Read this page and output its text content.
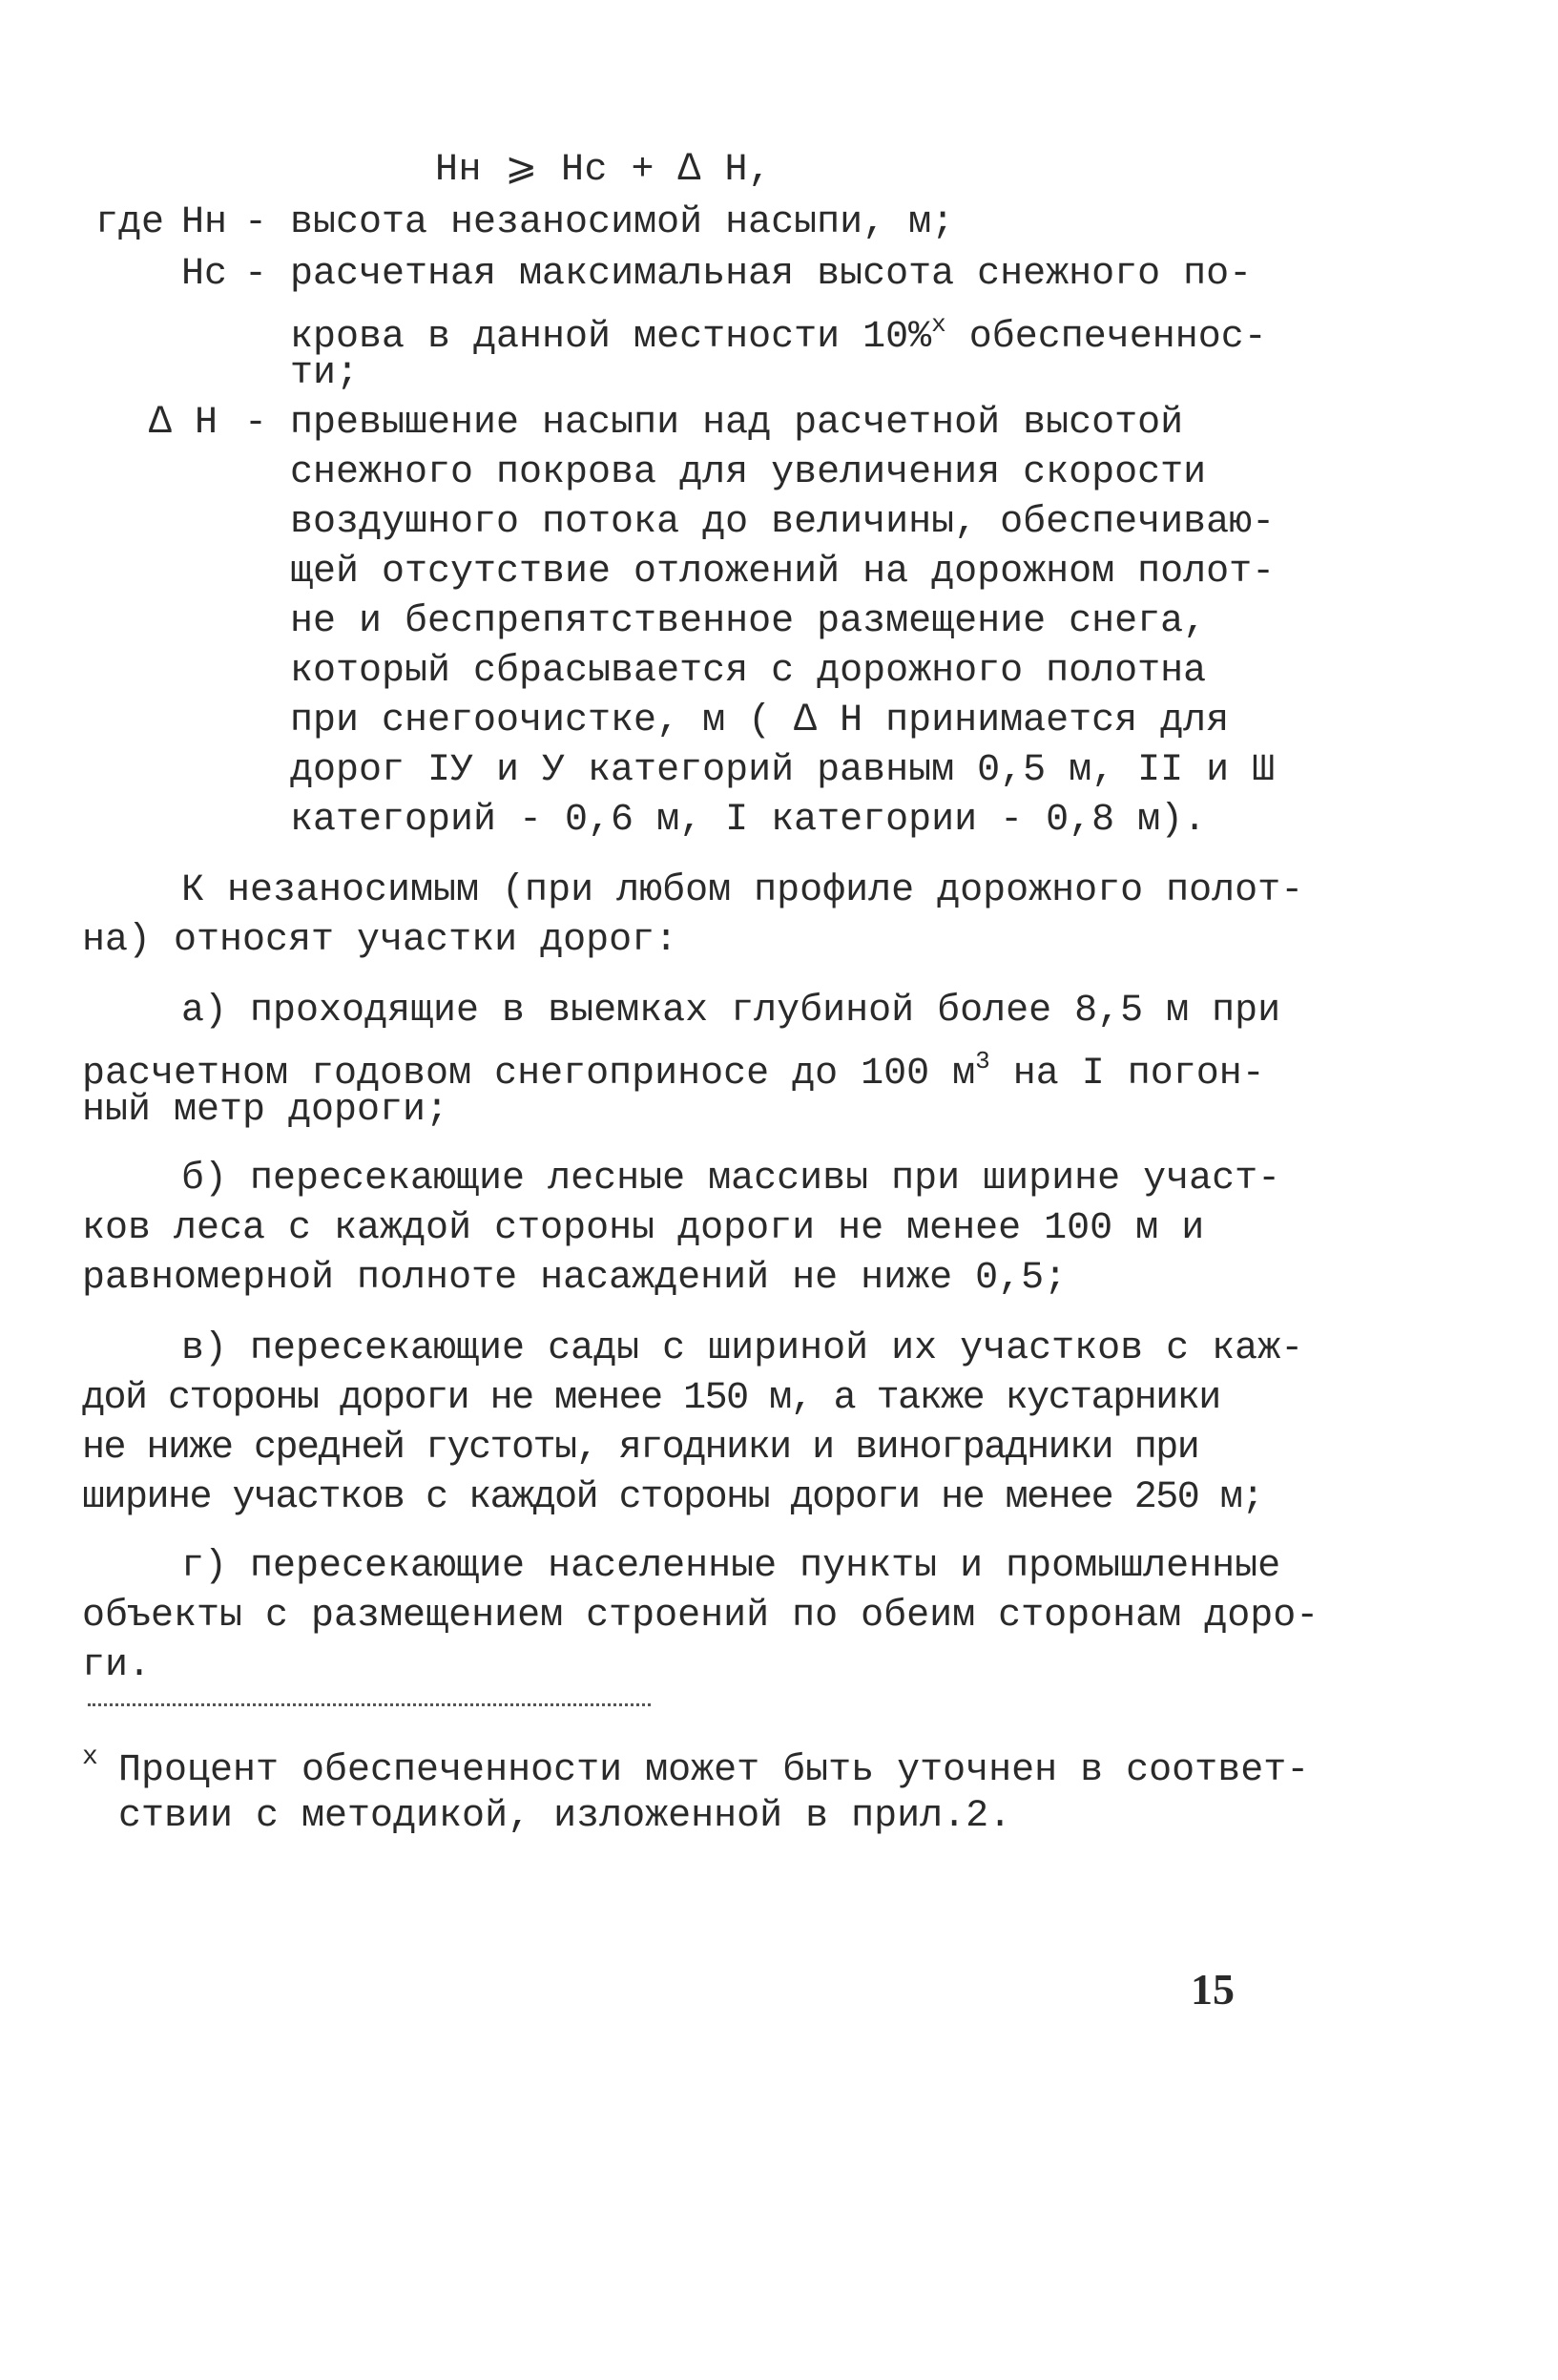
Нн ⩾ Нс + ∆ Н,
где Нн - высота незаносимой насыпи, м;
Нс - расчетная максимальная высота снежного по-
крова в данной местности 10%$^х$ обеспеченнос-
ти;
∆ Н - превышение насыпи над расчетной высотой
снежного покрова для увеличения скорости
воздушного потока до величины, обеспечиваю-
щей отсутствие отложений на дорожном полот-
не и беспрепятственное размещение снега,
который сбрасывается с дорожного полотна
при снегоочистке, м ( ∆ Н принимается для
дорог IУ и У категорий равным 0,5 м, II и Ш
категорий - 0,6 м, I категории - 0,8 м).
К незаносимым (при любом профиле дорожного полот-
на) относят участки дорог:
а) проходящие в выемках глубиной более 8,5 м при
расчетном годовом снегоприносе до 100 $м^3$ на I погон-
ный метр дороги;
б) пересекающие лесные массивы при ширине участ-
ков леса с каждой стороны дороги не менее 100 м и
равномерной полноте насаждений не ниже 0,5;
в) пересекающие сады с шириной их участков с каж-
дой стороны дороги не менее 150 м, а также кустарники
не ниже средней густоты, ягодники и виноградники при
ширине участков с каждой стороны дороги не менее 250 м;
г) пересекающие населенные пункты и промышленные
объекты с размещением строений по обеим сторонам доро-
ги.
х Процент обеспеченности может быть уточнен в соответ-
ствии с методикой, изложенной в прил.2.
15
